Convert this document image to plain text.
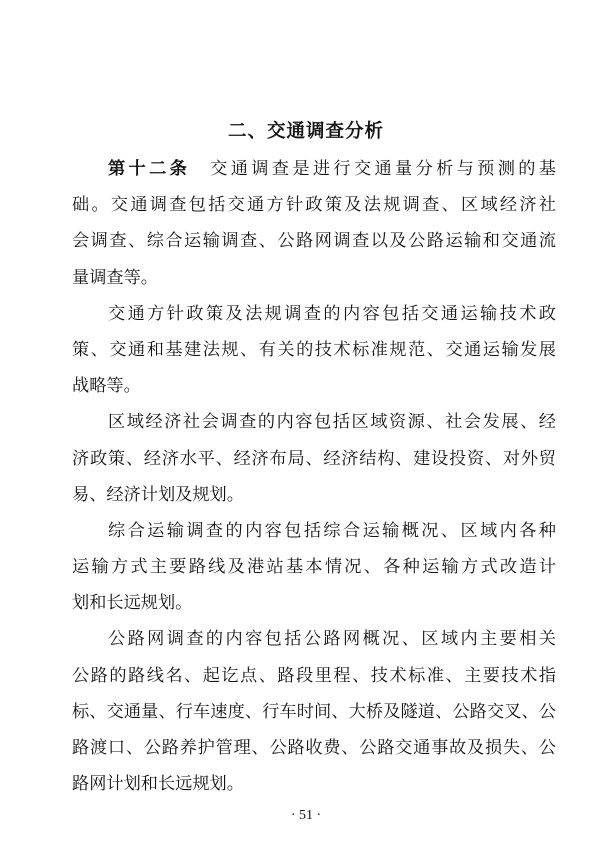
二、交通调查分析
第十二条 交通调查是进行交通量分析与预测的基
础。交通调查包括交通方针政策及法规调查、区域经济社
会调查、综合运输调查、公路网调查以及公路运输和交通流
量调查等。
交通方针政策及法规调查的内容包括交通运输技术政
策、交通和基建法规、有关的技术标准规范、交通运输发展
战略等。
区域经济社会调查的内容包括区域资源、社会发展、经
济政策、经济水平、经济布局、经济结构、建设投资、对外贸
易、经济计划及规划。
综合运输调查的内容包括综合运输概况、区域内各种
运输方式主要路线及港站基本情况、各种运输方式改造计
划和长远规划。
公路网调查的内容包括公路网概况、区域内主要相关
公路的路线名、起讫点、路段里程、技术标准、主要技术指
标、交通量、行车速度、行车时间、大桥及隧道、公路交叉、公
路渡口、公路养护管理、公路收费、公路交通事故及损失、公
路网计划和长远规划。
· 51 ·
